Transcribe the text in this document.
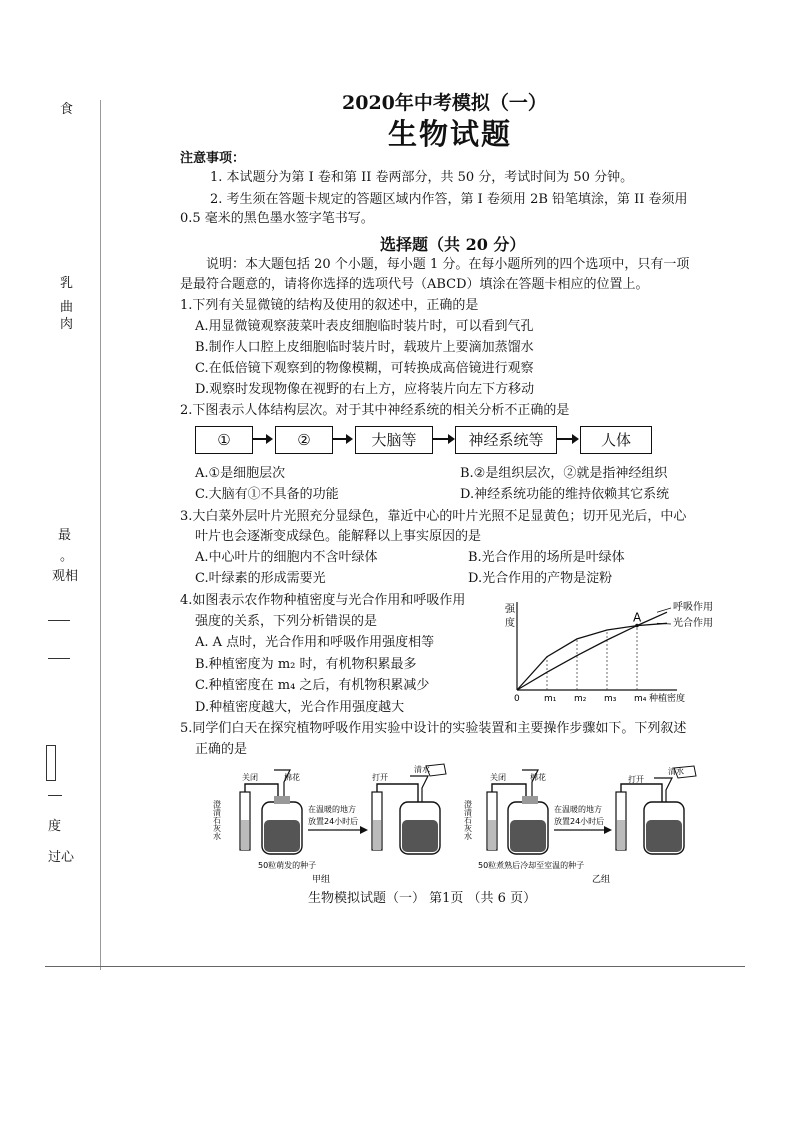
食
乳
曲
肉
最
。
观相
度
过心
2020年中考模拟（一）
生物试题
注意事项：
1. 本试题分为第 I 卷和第 II 卷两部分，共 50 分，考试时间为 50 分钟。
2. 考生须在答题卡规定的答题区域内作答，第 I 卷须用 2B 铅笔填涂，第 II 卷须用
0.5 毫米的黑色墨水签字笔书写。
选择题（共 20 分）
说明：本大题包括 20 个小题，每小题 1 分。在每小题所列的四个选项中，只有一项
是最符合题意的，请将你选择的选项代号（ABCD）填涂在答题卡相应的位置上。
1.下列有关显微镜的结构及使用的叙述中，正确的是
A.用显微镜观察菠菜叶表皮细胞临时装片时，可以看到气孔
B.制作人口腔上皮细胞临时装片时，载玻片上要滴加蒸馏水
C.在低倍镜下观察到的物像模糊，可转换成高倍镜进行观察
D.观察时发现物像在视野的右上方，应将装片向左下方移动
2.下图表示人体结构层次。对于其中神经系统的相关分析不正确的是
①	②	大脑等	神经系统等	人体
A.①是细胞层次	B.②是组织层次，②就是指神经组织
C.大脑有①不具备的功能	D.神经系统功能的维持依赖其它系统
3.大白菜外层叶片光照充分显绿色，靠近中心的叶片光照不足显黄色；切开见光后，中心
叶片也会逐渐变成绿色。能解释以上事实原因的是
A.中心叶片的细胞内不含叶绿体	B.光合作用的场所是叶绿体
C.叶绿素的形成需要光	D.光合作用的产物是淀粉
4.如图表示农作物种植密度与光合作用和呼吸作用
强度的关系，下列分析错误的是
A. A 点时，光合作用和呼吸作用强度相等
B.种植密度为 m₂ 时，有机物积累最多
C.种植密度在 m₄ 之后，有机物积累减少
D.种植密度越大，光合作用强度越大
强
度
0	m₁ m₂ m₃ m₄ 种植密度
呼吸作用
光合作用
A
5.同学们白天在探究植物呼吸作用实验中设计的实验装置和主要操作步骤如下。下列叙述
正确的是
关闭	棉花
澄清石灰水	在温暖的地方
放置24小时后
打开
清水
50粒萌发的种子
甲组
关闭	棉花
澄清石灰水	在温暖的地方
放置24小时后
打开
清水
50粒煮熟后冷却至室温的种子
乙组
生物模拟试题（一） 第1页 （共 6 页）
